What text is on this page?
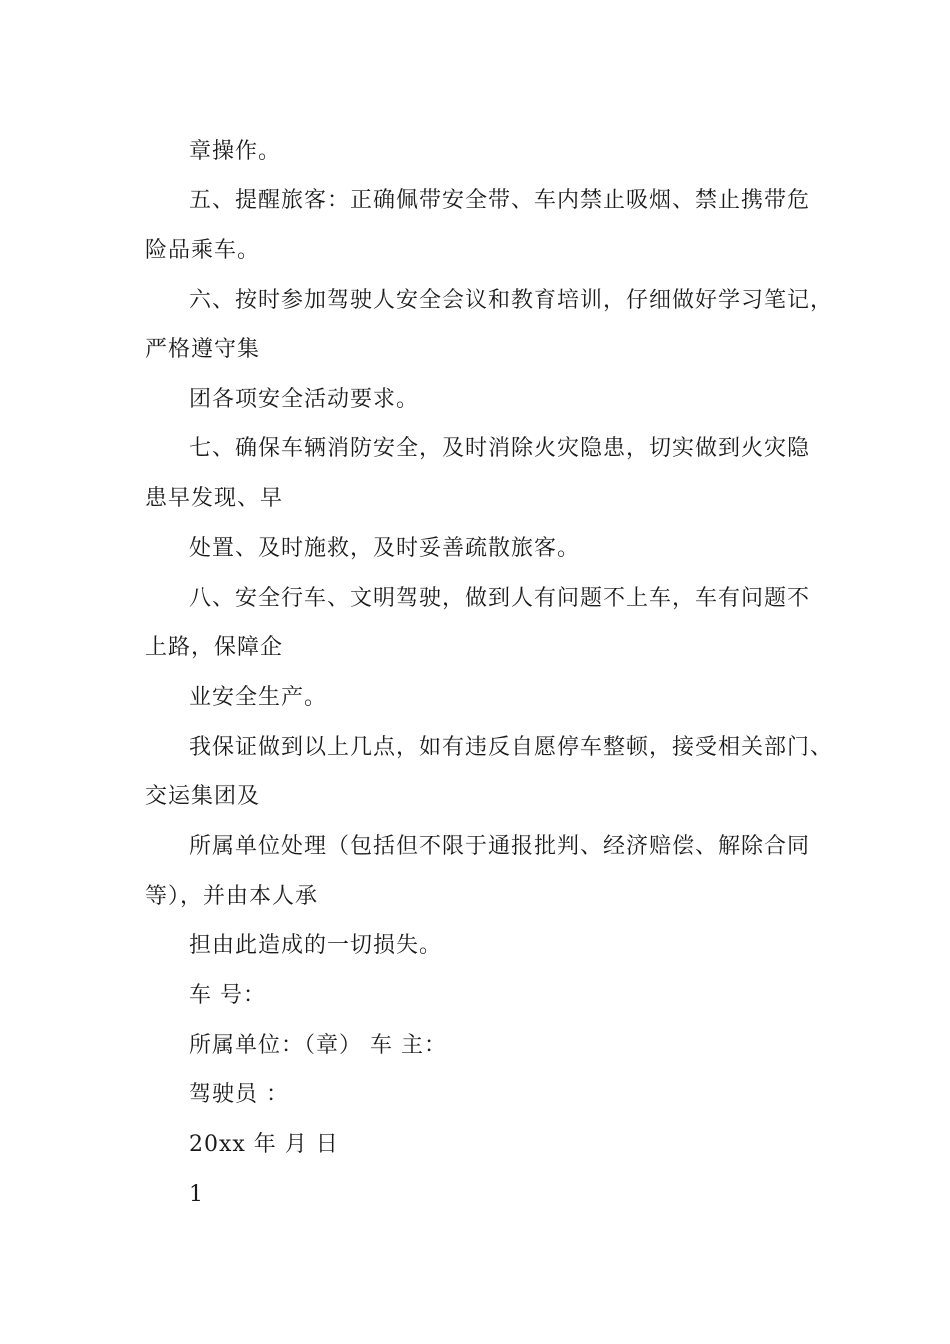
章操作。
五、提醒旅客：正确佩带安全带、车内禁止吸烟、禁止携带危
险品乘车。
六、按时参加驾驶人安全会议和教育培训，仔细做好学习笔记，
严格遵守集
团各项安全活动要求。
七、确保车辆消防安全，及时消除火灾隐患，切实做到火灾隐
患早发现、早
处置、及时施救，及时妥善疏散旅客。
八、安全行车、文明驾驶，做到人有问题不上车，车有问题不
上路，保障企
业安全生产。
我保证做到以上几点，如有违反自愿停车整顿，接受相关部门、
交运集团及
所属单位处理（包括但不限于通报批判、经济赔偿、解除合同
等），并由本人承
担由此造成的一切损失。
车 号：
所属单位：（章） 车 主：
驾驶员 ：
20xx 年 月 日
1
